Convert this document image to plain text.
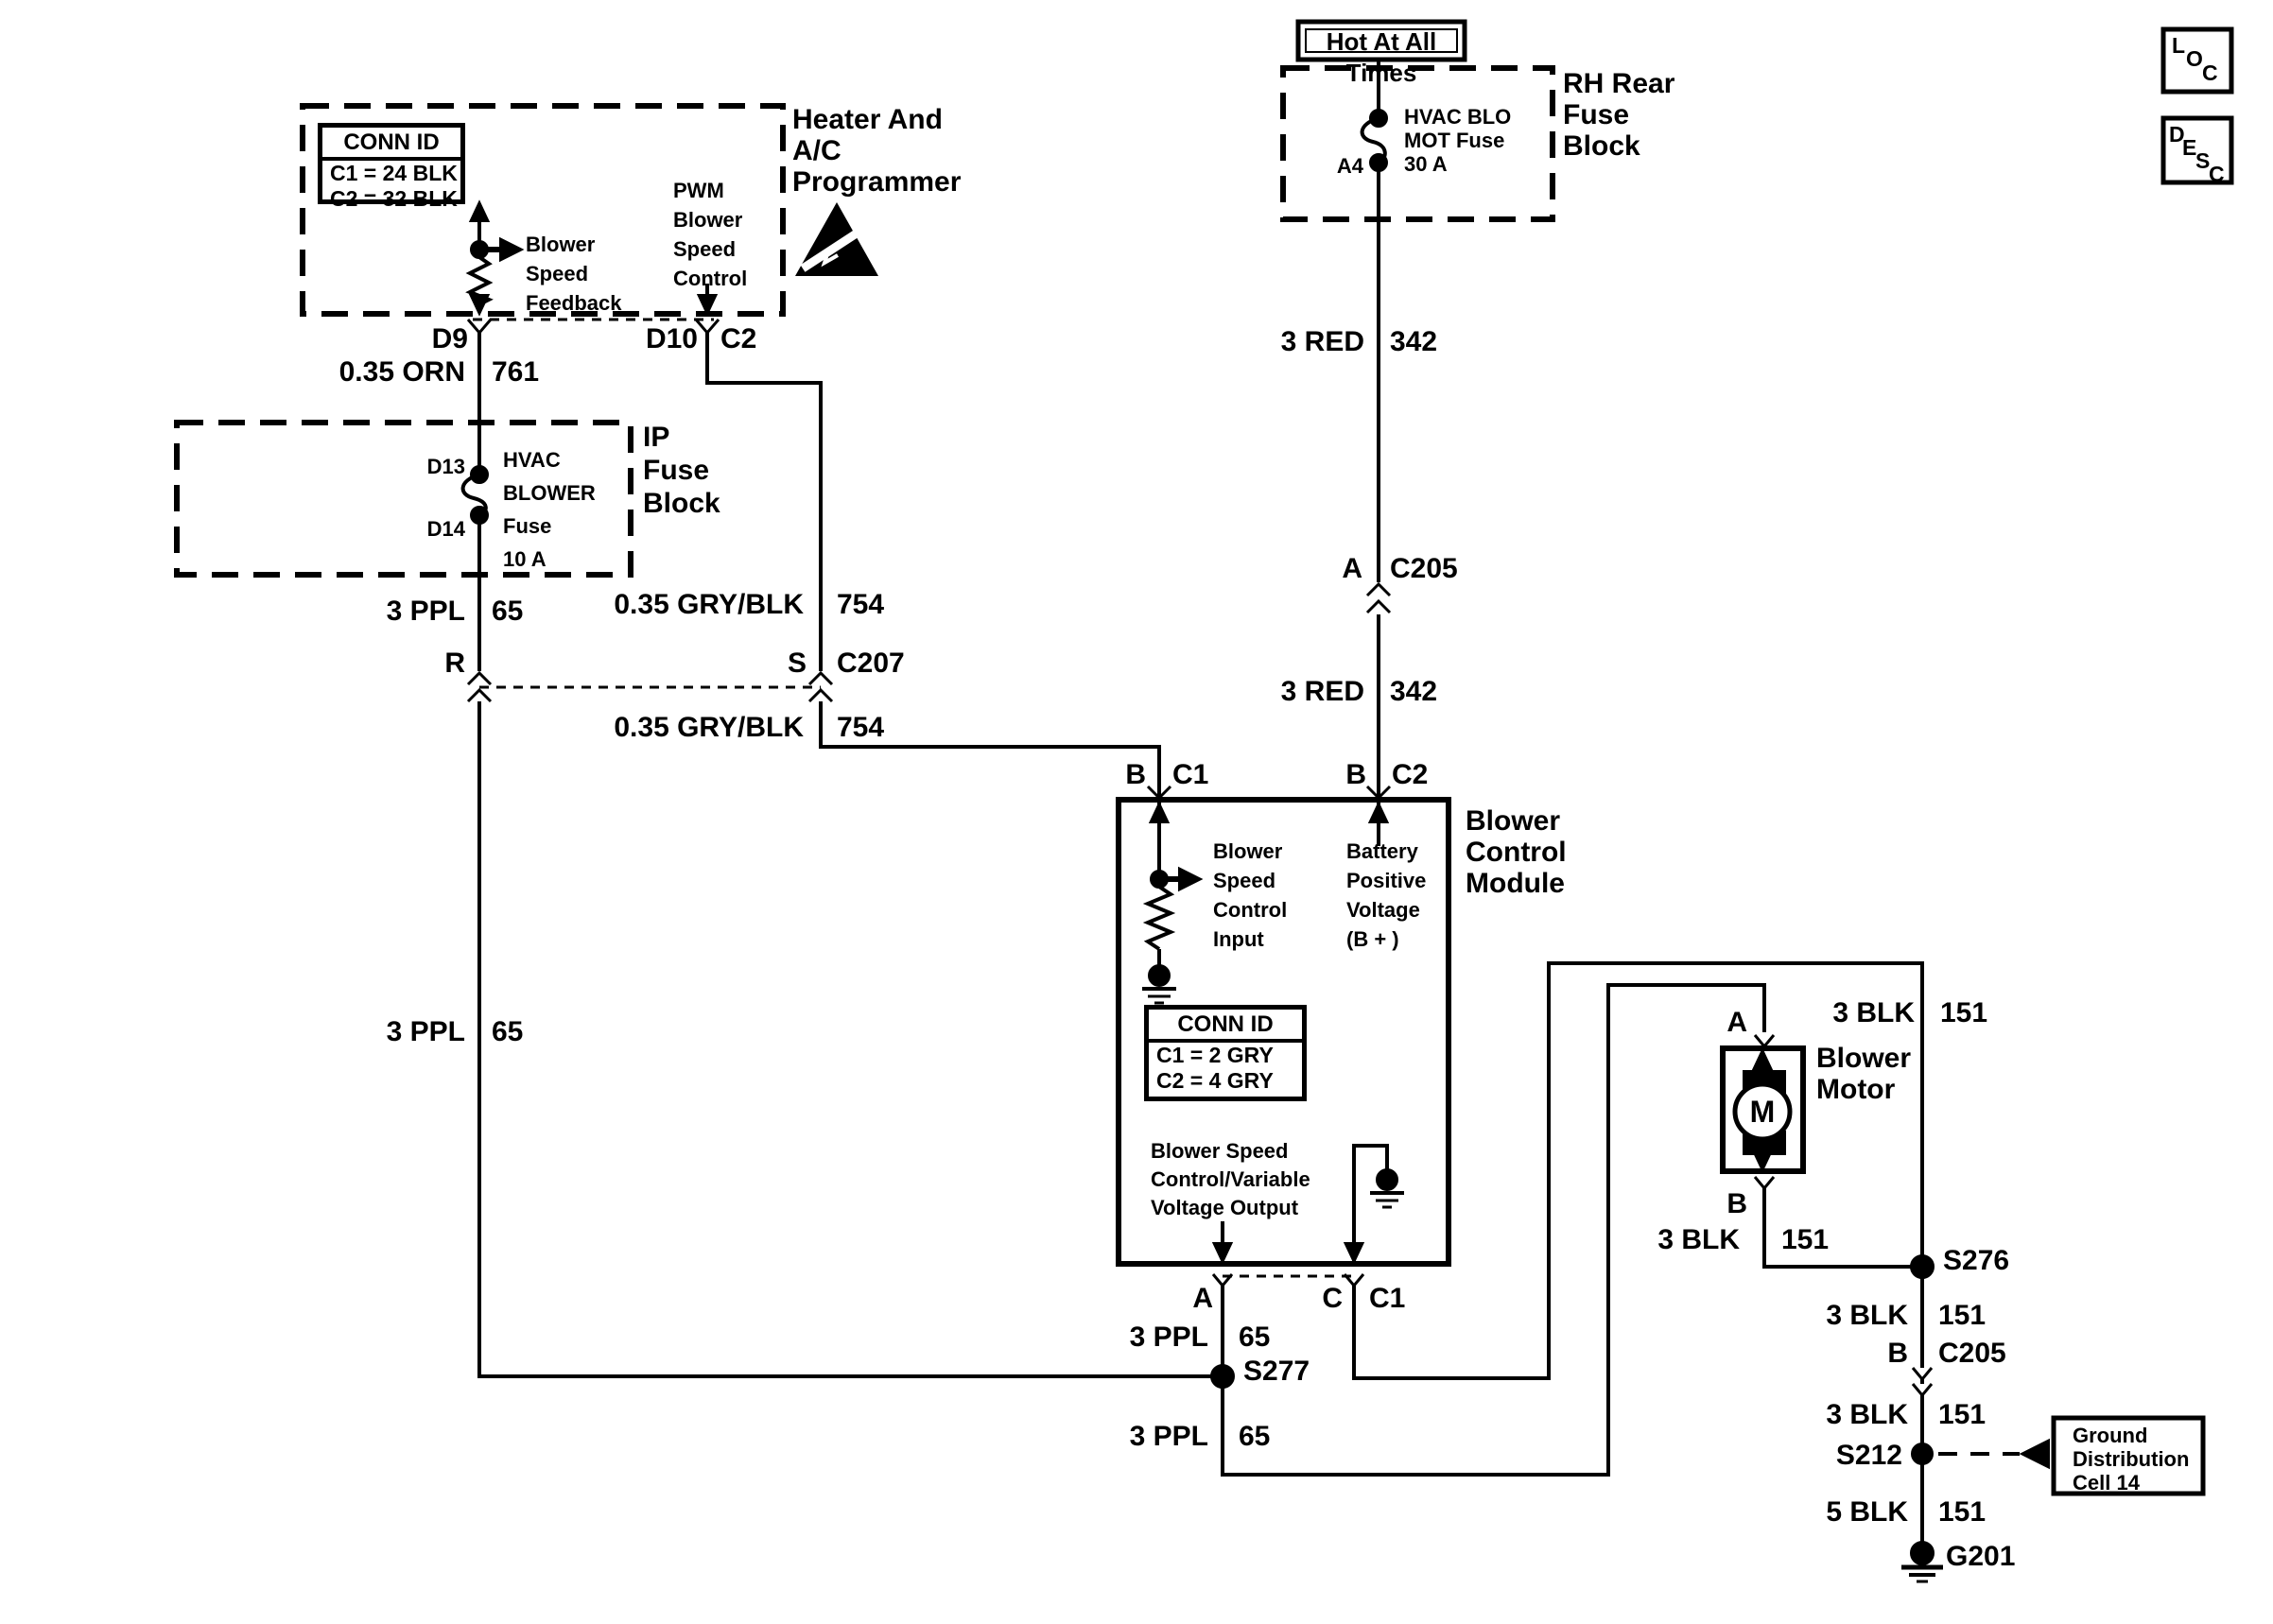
Heater And
A/C
Programmer
CONN ID
C1 = 24 BLK
C2 = 32 BLK
Blower
Speed
Feedback
PWM
Blower
Speed
Control
D9	D10 C2
0.35 ORN 761
IP
Fuse
Block
D13
D14
HVAC
BLOWER
Fuse
10 A
3 PPL 65
3 PPL 65
R	S C207
0.35 GRY/BLK 754
0.35 GRY/BLK 754
Hot At All Times	RH Rear
Fuse
Block
A4
HVAC BLO
MOT Fuse
30 A
3 RED 342
A C205
3 RED 342
B C1	B C2
Blower
Control
Module
Blower
Speed
Control
Input
Battery
Positive
Voltage
(B + )
CONN ID
C1 = 2 GRY
C2 = 4 GRY
Blower Speed
Control/Variable
Voltage Output
A	C C1
3 PPL 65
S277
3 PPL 65
A
Blower
Motor
M
B
3 BLK 151
3 BLK 151
S276
3 BLK 151
B C205
3 BLK 151
S212
5 BLK 151
G201
Ground
Distribution
Cell 14
L
O
C
D
E
S
C
